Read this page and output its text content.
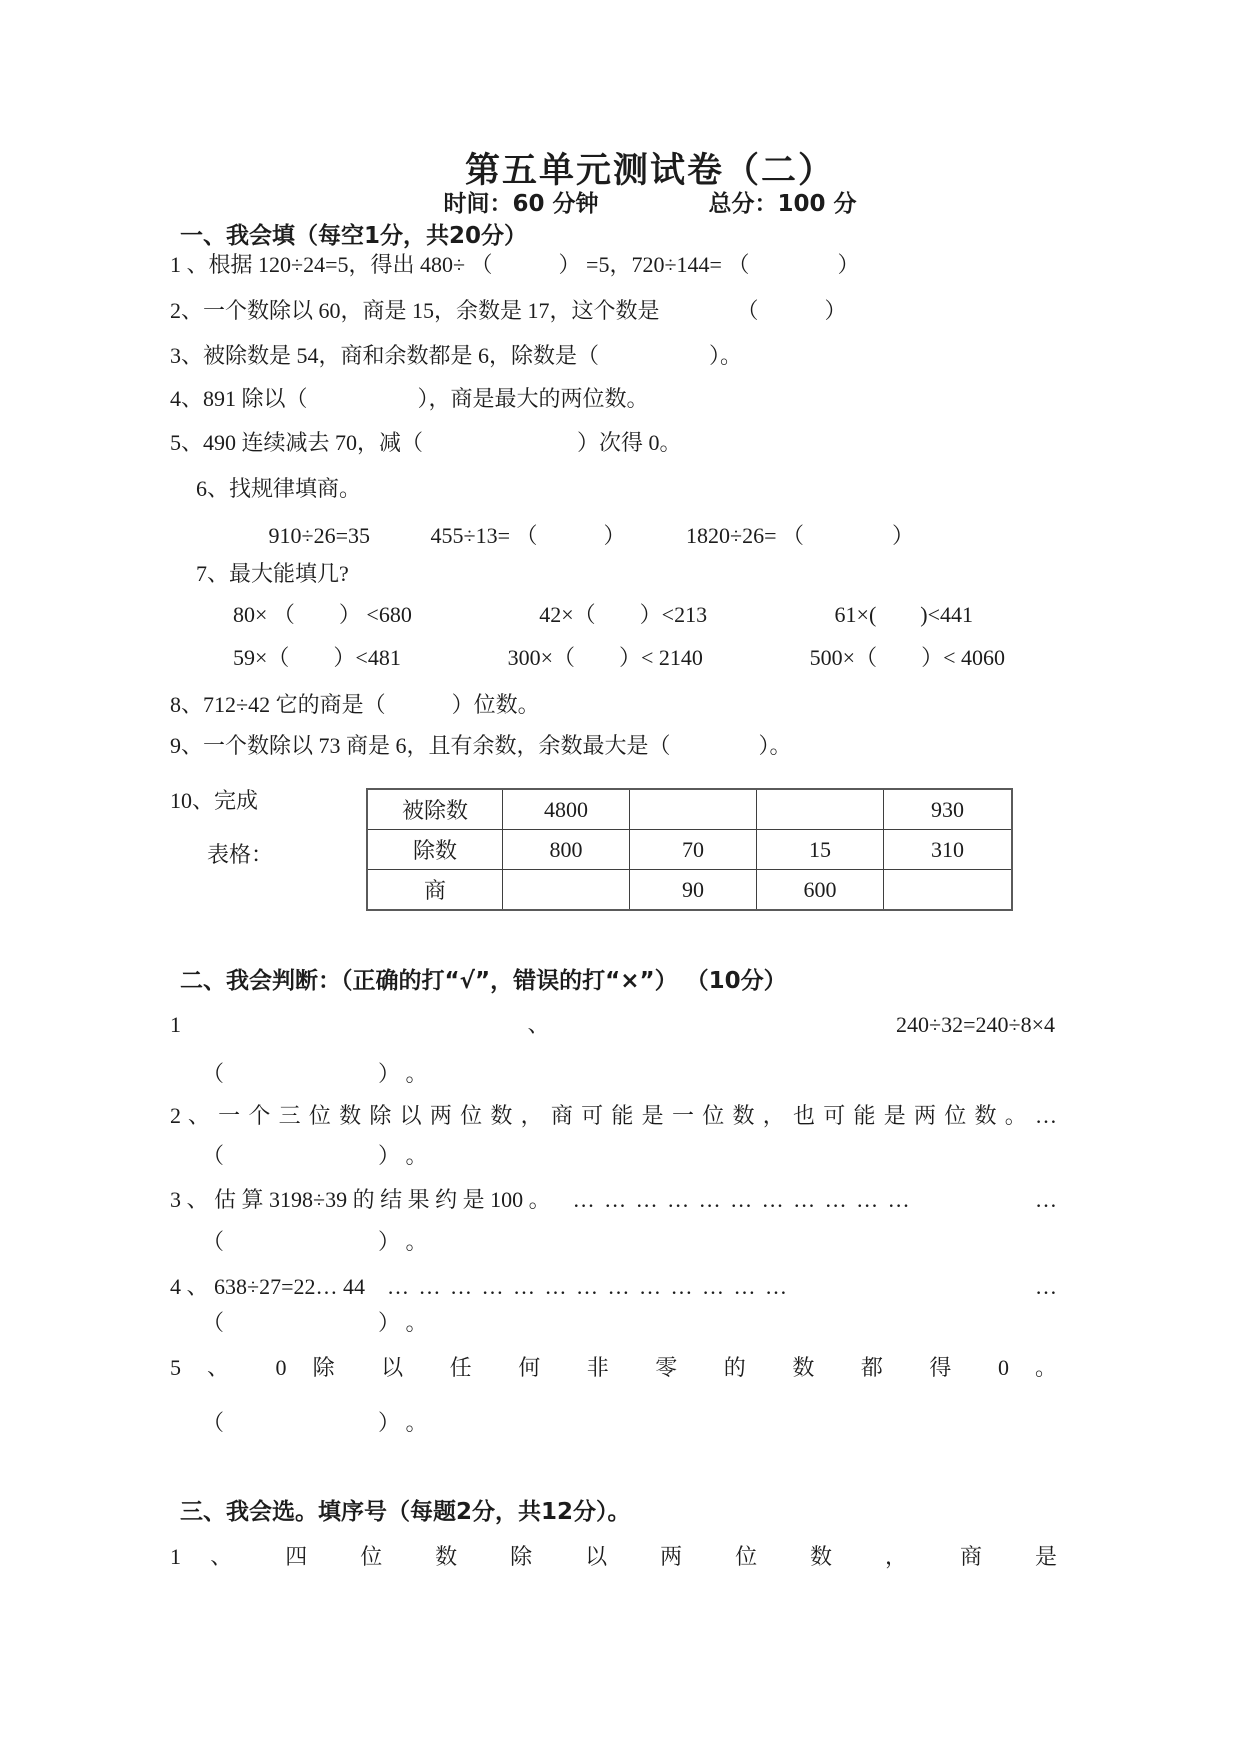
第五单元测试卷（二）
时间：60 分钟	总分：100 分
一、我会填（每空1分，共20分）
1 、根据 120÷24=5，得出 480÷ （　　　） =5，720÷144= （　　　　）
2、一个数除以 60，商是 15，余数是 17，这个数是　　　　（　　　）
3、被除数是 54，商和余数都是 6，除数是（　　　　　）。
4、891 除以（　　　　　），商是最大的两位数。
5、490 连续减去 70，减（　　　　　　　）次得 0。
6、找规律填商。
910÷26=35	455÷13= （　　　）	1820÷26= （　　　　）
7、最大能填几?
80× （　　） <680	42×（　　）<213	61×(　　)<441
59×（　　）<481	300×（　　）< 2140	500×（　　）< 4060
8、712÷42 它的商是（　　　）位数。
9、一个数除以 73 商是 6，且有余数，余数最大是（　　　　）。
10、完成
表格：
被除数	4800			930
除数	800	70	15	310
商		90	600	
二、我会判断：（正确的打“√”，错误的打“×”） （10分）
1	、	240÷32=240÷8×4
（　　　　　　　） 。
2 、 一 个 三 位 数 除 以 两 位 数 ， 商 可 能 是 一 位 数 ， 也 可 能 是 两 位 数 。 …
（　　　　　　　） 。
3 、 估 算 3198÷39 的 结 果 约 是 100 。 … … … … … … … … … … …	…
（　　　　　　　） 。
4 、 638÷27=22… 44 … … … … … … … … … … … … …	…
（　　　　　　　） 。
5 、 0 除 以 任 何 非 零 的 数 都 得 0 。
（　　　　　　　） 。
三、我会选。填序号（每题2分，共12分）。
1 、 四 位 数 除 以 两 位 数 ， 商 是
